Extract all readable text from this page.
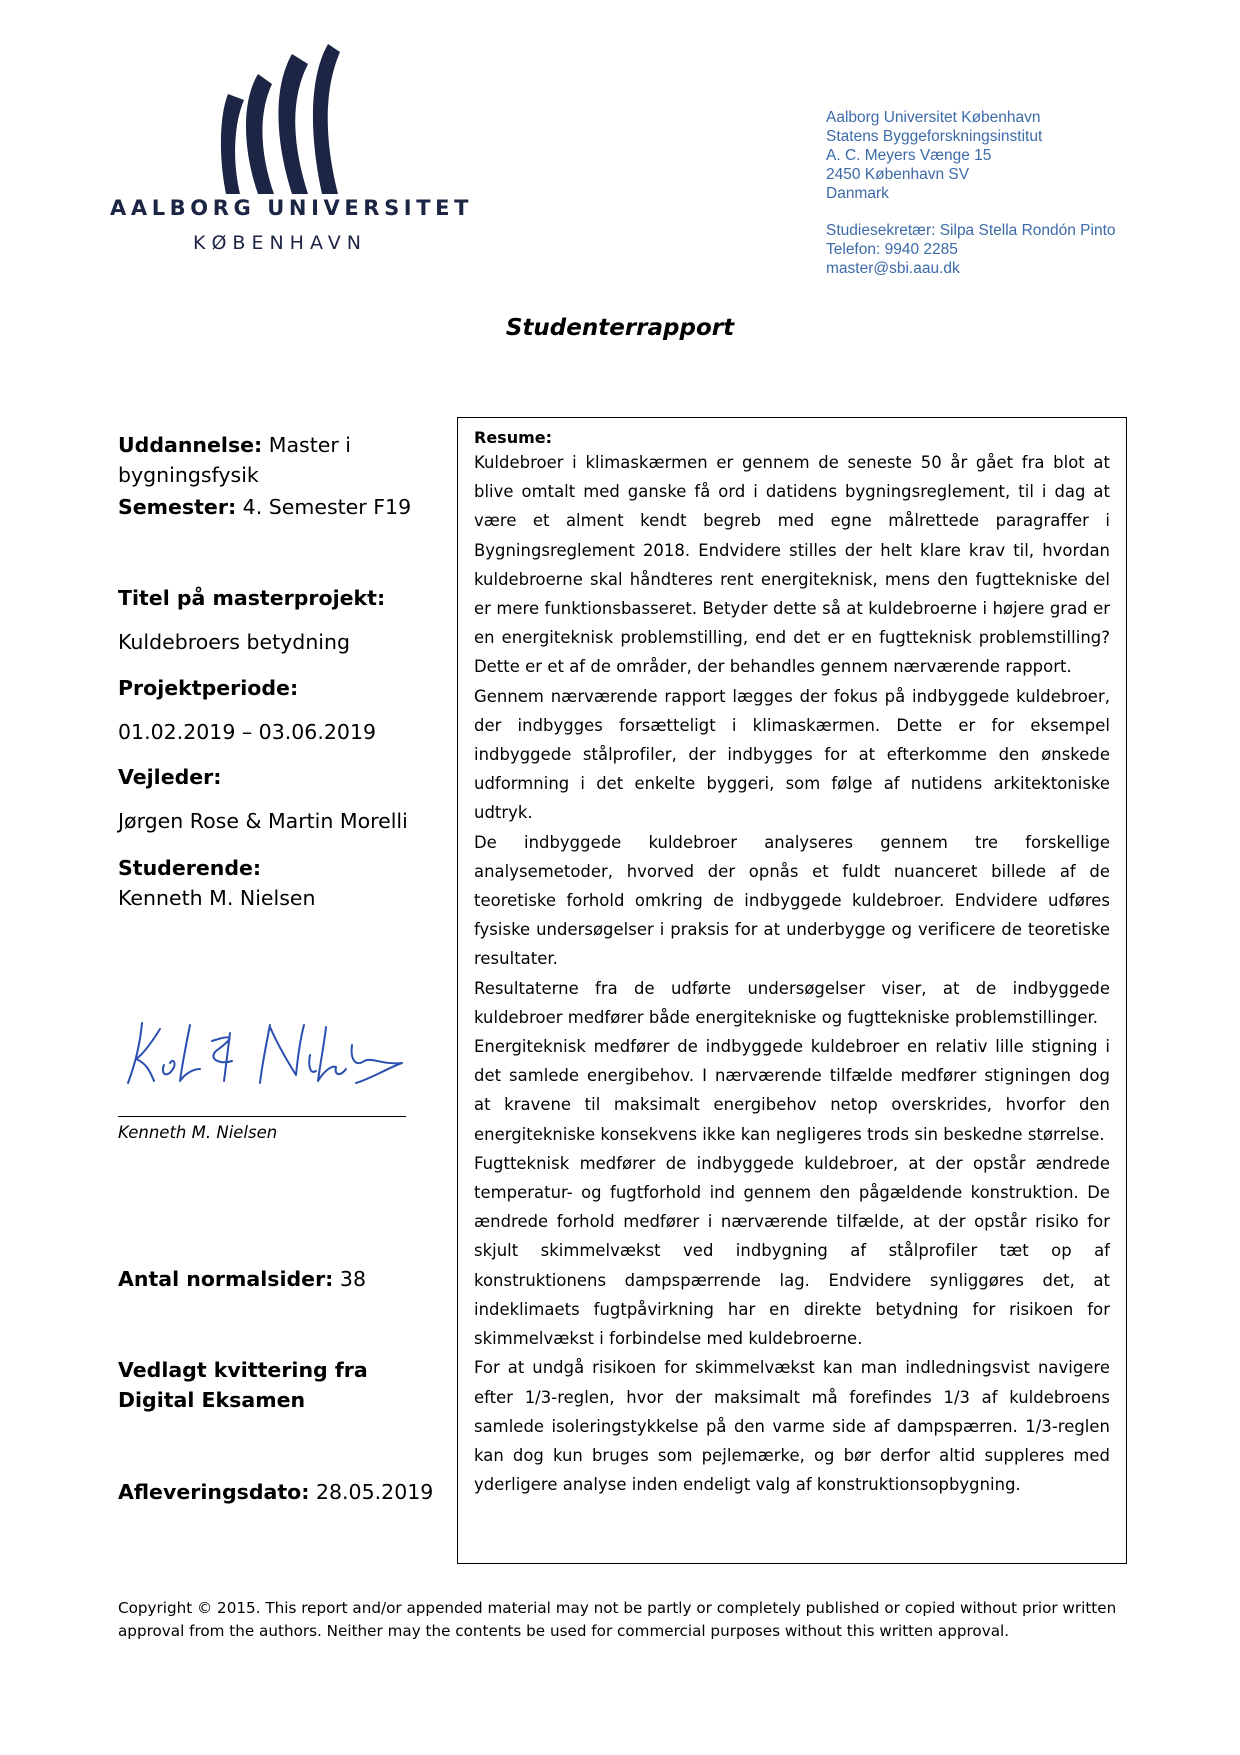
AALBORG UNIVERSITET
KØBENHAVN
Aalborg Universitet København
Statens Byggeforskningsinstitut
A. C. Meyers Vænge 15
2450 København SV
Danmark
Studiesekretær: Silpa Stella Rondón Pinto
Telefon: 9940 2285
master@sbi.aau.dk
Studenterrapport
Uddannelse: Master i bygningsfysik
Semester: 4. Semester F19
Titel på masterprojekt:
Kuldebroers betydning
Projektperiode:
01.02.2019 – 03.06.2019
Vejleder:
Jørgen Rose & Martin Morelli
Studerende:
Kenneth M. Nielsen
Antal normalsider: 38
Vedlagt kvittering fra Digital Eksamen
Afleveringsdato: 28.05.2019
Kenneth M. Nielsen
Resume:

Kuldebroer i klimaskærmen er gennem de seneste 50 år gået fra blot at blive omtalt med ganske få ord i datidens bygningsreglement, til i dag at være et alment kendt begreb med egne målrettede paragraffer i Bygningsreglement 2018. Endvidere stilles der helt klare krav til, hvordan kuldebroerne skal håndteres rent energiteknisk, mens den fugttekniske del er mere funktionsbasseret. Betyder dette så at kuldebroerne i højere grad er en energiteknisk problemstilling, end det er en fugtteknisk problemstilling? Dette er et af de områder, der behandles gennem nærværende rapport.

Gennem nærværende rapport lægges der fokus på indbyggede kuldebroer, der indbygges forsætteligt i klimaskærmen. Dette er for eksempel indbyggede stålprofiler, der indbygges for at efterkomme den ønskede udformning i det enkelte byggeri, som følge af nutidens arkitektoniske udtryk.

De indbyggede kuldebroer analyseres gennem tre forskellige analysemetoder, hvorved der opnås et fuldt nuanceret billede af de teoretiske forhold omkring de indbyggede kuldebroer. Endvidere udføres fysiske undersøgelser i praksis for at underbygge og verificere de teoretiske resultater.

Resultaterne fra de udførte undersøgelser viser, at de indbyggede kuldebroer medfører både energitekniske og fugttekniske problemstillinger.

Energiteknisk medfører de indbyggede kuldebroer en relativ lille stigning i det samlede energibehov. I nærværende tilfælde medfører stigningen dog at kravene til maksimalt energibehov netop overskrides, hvorfor den energitekniske konsekvens ikke kan negligeres trods sin beskedne størrelse.

Fugtteknisk medfører de indbyggede kuldebroer, at der opstår ændrede temperatur- og fugtforhold ind gennem den pågældende konstruktion. De ændrede forhold medfører i nærværende tilfælde, at der opstår risiko for skjult skimmelvækst ved indbygning af stålprofiler tæt op af konstruktionens dampspærrende lag. Endvidere synliggøres det, at indeklimaets fugtpåvirkning har en direkte betydning for risikoen for skimmelvækst i forbindelse med kuldebroerne.

For at undgå risikoen for skimmelvækst kan man indledningsvist navigere efter 1/3-reglen, hvor der maksimalt må forefindes 1/3 af kuldebroens samlede isoleringstykkelse på den varme side af dampspærren. 1/3-reglen kan dog kun bruges som pejlemærke, og bør derfor altid suppleres med yderligere analyse inden endeligt valg af konstruktionsopbygning.

Copyright © 2015. This report and/or appended material may not be partly or completely published or copied without prior written approval from the authors. Neither may the contents be used for commercial purposes without this written approval.
